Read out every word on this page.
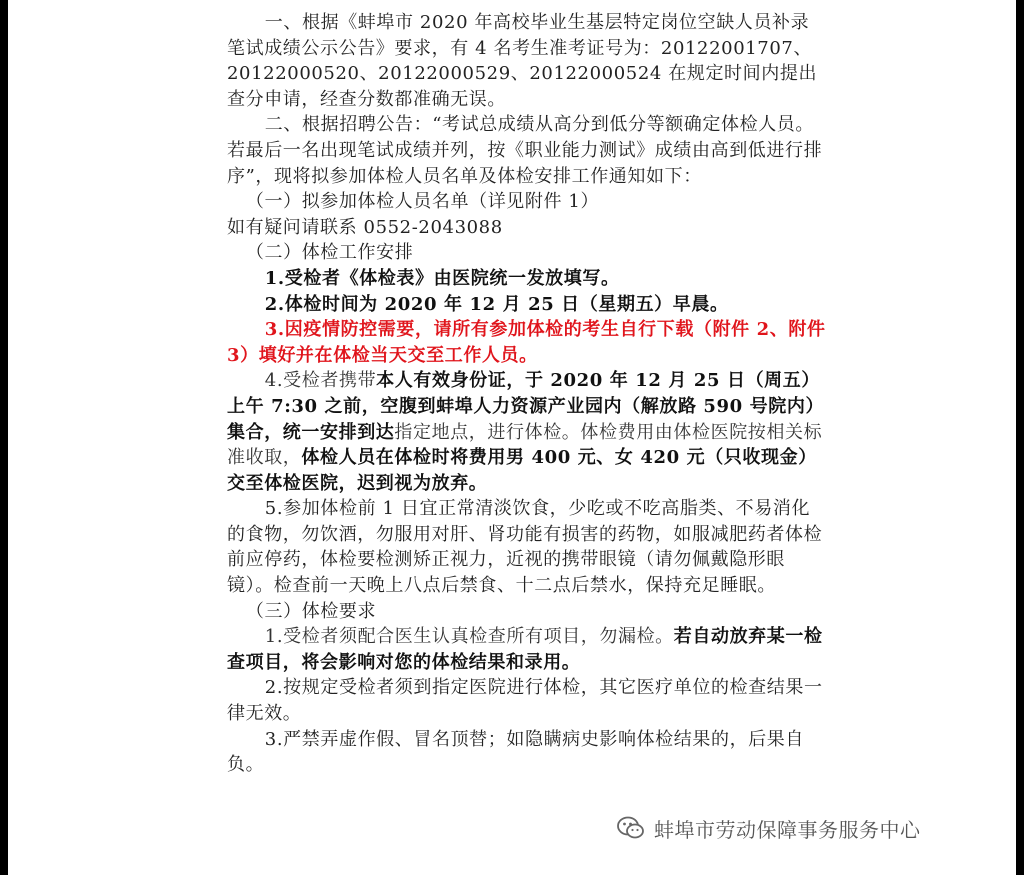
一、根据《蚌埠市 2020 年高校毕业生基层特定岗位空缺人员补录笔试成绩公示公告》要求，有 4 名考生准考证号为：20122001707、20122000520、20122000529、20122000524 在规定时间内提出查分申请，经查分数都准确无误。

二、根据招聘公告：“考试总成绩从高分到低分等额确定体检人员。若最后一名出现笔试成绩并列，按《职业能力测试》成绩由高到低进行排序”，现将拟参加体检人员名单及体检安排工作通知如下：

（一）拟参加体检人员名单（详见附件 1）

如有疑问请联系 0552-2043088

（二）体检工作安排

1.受检者《体检表》由医院统一发放填写。

2.体检时间为 2020 年 12 月 25 日（星期五）早晨。

3.因疫情防控需要，请所有参加体检的考生自行下载（附件 2、附件 3）填好并在体检当天交至工作人员。

4.受检者携带本人有效身份证，于 2020 年 12 月 25 日（周五）上午 7:30 之前，空腹到蚌埠人力资源产业园内（解放路 590 号院内）集合，统一安排到达指定地点，进行体检。体检费用由体检医院按相关标准收取，体检人员在体检时将费用男 400 元、女 420 元（只收现金）交至体检医院，迟到视为放弃。

5.参加体检前 1 日宜正常清淡饮食，少吃或不吃高脂类、不易消化的食物，勿饮酒，勿服用对肝、肾功能有损害的药物，如服减肥药者体检前应停药，体检要检测矫正视力，近视的携带眼镜（请勿佩戴隐形眼镜）。检查前一天晚上八点后禁食、十二点后禁水，保持充足睡眠。

（三）体检要求

1.受检者须配合医生认真检查所有项目，勿漏检。若自动放弃某一检查项目，将会影响对您的体检结果和录用。

2.按规定受检者须到指定医院进行体检，其它医疗单位的检查结果一律无效。

3.严禁弄虚作假、冒名顶替；如隐瞒病史影响体检结果的，后果自负。

蚌埠市劳动保障事务服务中心
